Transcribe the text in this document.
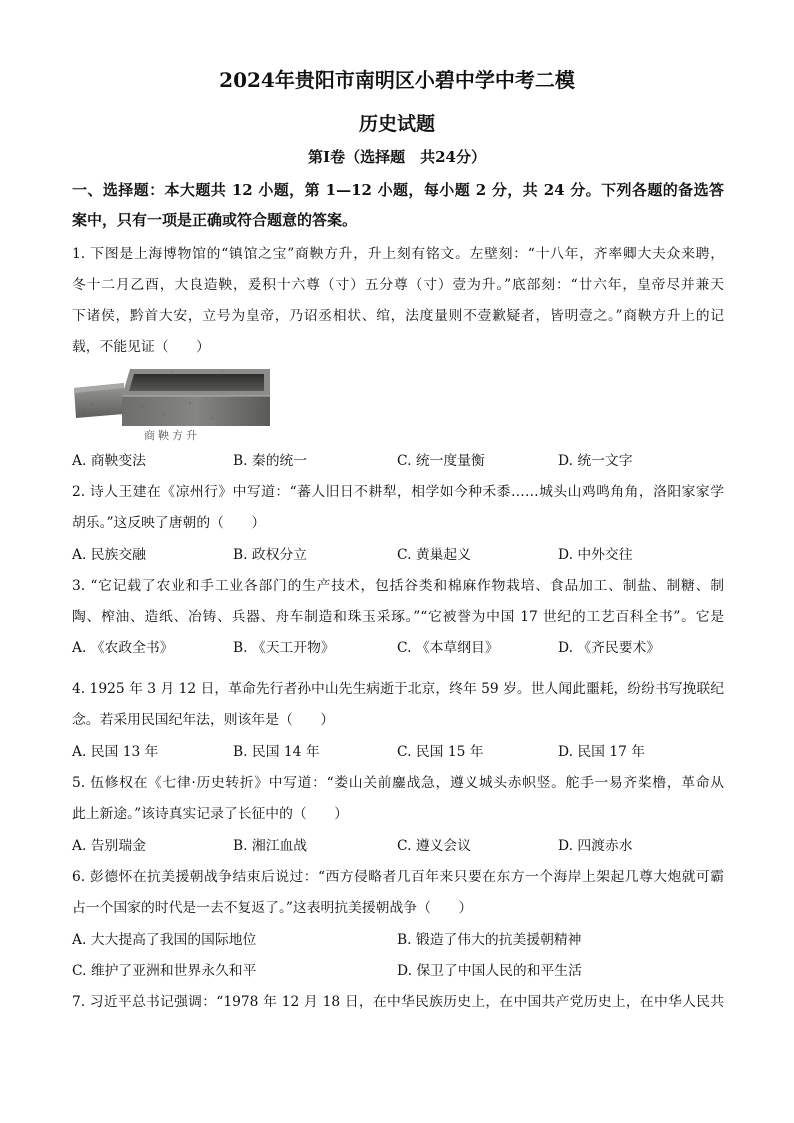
2024年贵阳市南明区小碧中学中考二模
历史试题
第Ⅰ卷（选择题　共24分）
一、选择题：本大题共 12 小题，第 1—12 小题，每小题 2 分，共 24 分。下列各题的备选答
案中，只有一项是正确或符合题意的答案。
1. 下图是上海博物馆的“镇馆之宝”商鞅方升，升上刻有铭文。左壁刻：“十八年，齐率卿大夫众来聘，
冬十二月乙酉，大良造鞅，爰积十六尊（寸）五分尊（寸）壹为升。”底部刻：“廿六年，皇帝尽并兼天
下诸侯，黔首大安，立号为皇帝，乃诏丞相状、绾，法度量则不壹歉疑者，皆明壹之。”商鞅方升上的记
载，不能见证（　　）
商鞅方升
A. 商鞅变法	B. 秦的统一	C. 统一度量衡	D. 统一文字
2. 诗人王建在《凉州行》中写道：“蕃人旧日不耕犁，相学如今种禾黍……城头山鸡鸣角角，洛阳家家学
胡乐。”这反映了唐朝的（　　）
A. 民族交融	B. 政权分立	C. 黄巢起义	D. 中外交往
3. “它记载了农业和手工业各部门的生产技术，包括谷类和棉麻作物栽培、食品加工、制盐、制糖、制
陶、榨油、造纸、冶铸、兵器、舟车制造和珠玉采琢。”“它被誉为中国 17 世纪的工艺百科全书”。它是
A. 《农政全书》	B. 《天工开物》	C. 《本草纲目》	D. 《齐民要术》
4. 1925 年 3 月 12 日，革命先行者孙中山先生病逝于北京，终年 59 岁。世人闻此噩耗，纷纷书写挽联纪
念。若采用民国纪年法，则该年是（　　）
A. 民国 13 年	B. 民国 14 年	C. 民国 15 年	D. 民国 17 年
5. 伍修权在《七律·历史转折》中写道：“娄山关前鏖战急，遵义城头赤帜竖。舵手一易齐桨橹，革命从
此上新途。”该诗真实记录了长征中的（　　）
A. 告别瑞金	B. 湘江血战	C. 遵义会议	D. 四渡赤水
6. 彭德怀在抗美援朝战争结束后说过：“西方侵略者几百年来只要在东方一个海岸上架起几尊大炮就可霸
占一个国家的时代是一去不复返了。”这表明抗美援朝战争（　　）
A. 大大提高了我国的国际地位	B. 锻造了伟大的抗美援朝精神
C. 维护了亚洲和世界永久和平	D. 保卫了中国人民的和平生活
7. 习近平总书记强调：“1978 年 12 月 18 日，在中华民族历史上，在中国共产党历史上，在中华人民共
